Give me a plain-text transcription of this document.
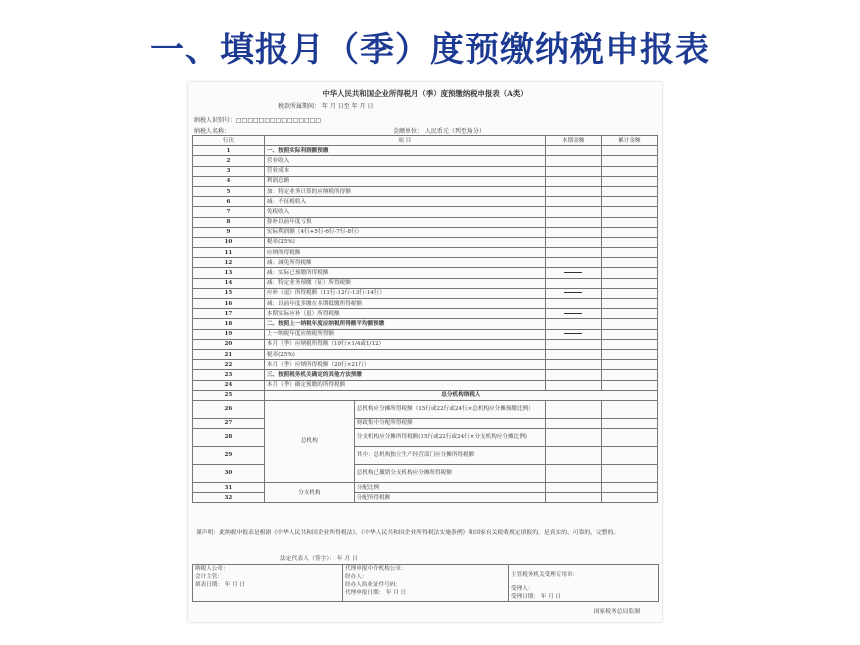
一、填报月（季）度预缴纳税申报表
中华人民共和国企业所得税月（季）度预缴纳税申报表（A类）
税款所属期间： 年 月 日至 年 月 日
纳税人识别号：□□□□□□□□□□□□□□□
纳税人名称：	金额单位： 人民币元（列至角分）
行次	项 目		本期金额	累计金额
1	一、按照实际利润额预缴			
2	营业收入			
3	营业成本			
4	利润总额			
5	加：特定业务计算的应纳税所得额			
6	减：不征税收入			
7	免税收入			
8	弥补以前年度亏损			
9	实际利润额（4行+5行-6行-7行-8行）			
10	税率(25%)			
11	应纳所得税额			
12	减：减免所得税额			
13	减：实际已预缴所得税额			
14	减：特定业务预缴（征）所得税额			
15	应补（退）所得税额（11行-12行-13行-14行）			
16	减：以前年度多缴在本期抵缴所得税额			
17	本期实际应补（退）所得税额			
18	二、按照上一纳税年度应纳税所得额平均额预缴			
19	上一纳税年度应纳税所得额			
20	本月（季）应纳税所得额（19行×1/4或1/12）			
21	税率(25%)			
22	本月（季）应纳所得税额（20行×21行）			
23	三、按照税务机关确定的其他方法预缴			
24	本月（季）确定预缴的所得税额			
25	总分机构纳税人			
26	总机构	总机构应分摊所得税额（15行或22行或24行×总机构应分摊预缴比例）		
27		财政集中分配所得税额		
28		分支机构应分摊所得税额(15行或22行或24行×分支机构应分摊比例)		
29		其中：总机构独立生产经营部门应分摊所得税额		
30		总机构已撤销分支机构应分摊所得税额		
31	分支机构	分配比例		
32		分配所得税额		
谨声明：此纳税申报表是根据《中华人民共和国企业所得税法》、《中华人民共和国企业所得税法实施条例》和国家有关税收规定填报的，是真实的、可靠的、完整的。
法定代表人（签字）： 年 月 日
纳税人公章：
会计主管：
填表日期： 年 月 日

代理申报中介机构公章：
经办人：
经办人执业证件号码：
代理申报日期： 年 月 日

主管税务机关受理专用章：
受理人：
受理日期： 年 月 日
国家税务总局监制
